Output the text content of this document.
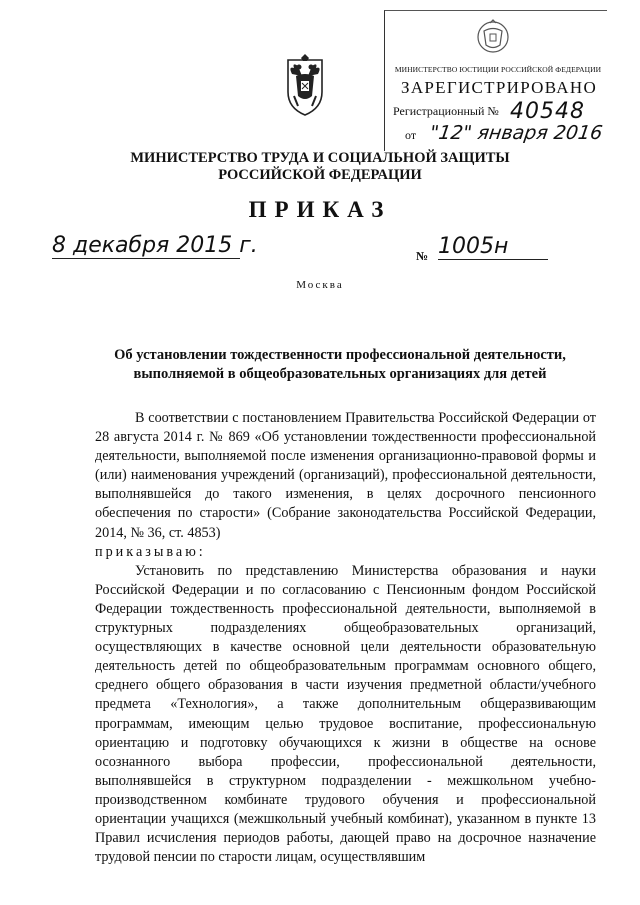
МИНИСТЕРСТВО ЮСТИЦИИ РОССИЙСКОЙ ФЕДЕРАЦИИ
ЗАРЕГИСТРИРОВАНО
Регистрационный № 40548
от "12" января 2016
МИНИСТЕРСТВО ТРУДА И СОЦИАЛЬНОЙ ЗАЩИТЫ
РОССИЙСКОЙ ФЕДЕРАЦИИ
ПРИКАЗ
8 декабря 2015 г.	№ 1005н
Москва
Об установлении тождественности профессиональной деятельности,
выполняемой в общеобразовательных организациях для детей

В соответствии с постановлением Правительства Российской Федерации от 28 августа 2014 г. № 869 «Об установлении тождественности профессиональной деятельности, выполняемой после изменения организационно-правовой формы и (или) наименования учреждений (организаций), профессиональной деятельности, выполнявшейся до такого изменения, в целях досрочного пенсионного обеспечения по старости» (Собрание законодательства Российской Федерации, 2014, № 36, ст. 4853)

приказываю:

Установить по представлению Министерства образования и науки Российской Федерации и по согласованию с Пенсионным фондом Российской Федерации тождественность профессиональной деятельности, выполняемой в структурных подразделениях общеобразовательных организаций, осуществляющих в качестве основной цели деятельности образовательную деятельность детей по общеобразовательным программам основного общего, среднего общего образования в части изучения предметной области/учебного предмета «Технология», а также дополнительным общеразвивающим программам, имеющим целью трудовое воспитание, профессиональную ориентацию и подготовку обучающихся к жизни в обществе на основе осознанного выбора профессии, профессиональной деятельности, выполнявшейся в структурном подразделении - межшкольном учебно-производственном комбинате трудового обучения и профессиональной ориентации учащихся (межшкольный учебный комбинат), указанном в пункте 13 Правил исчисления периодов работы, дающей право на досрочное назначение трудовой пенсии по старости лицам, осуществлявшим
